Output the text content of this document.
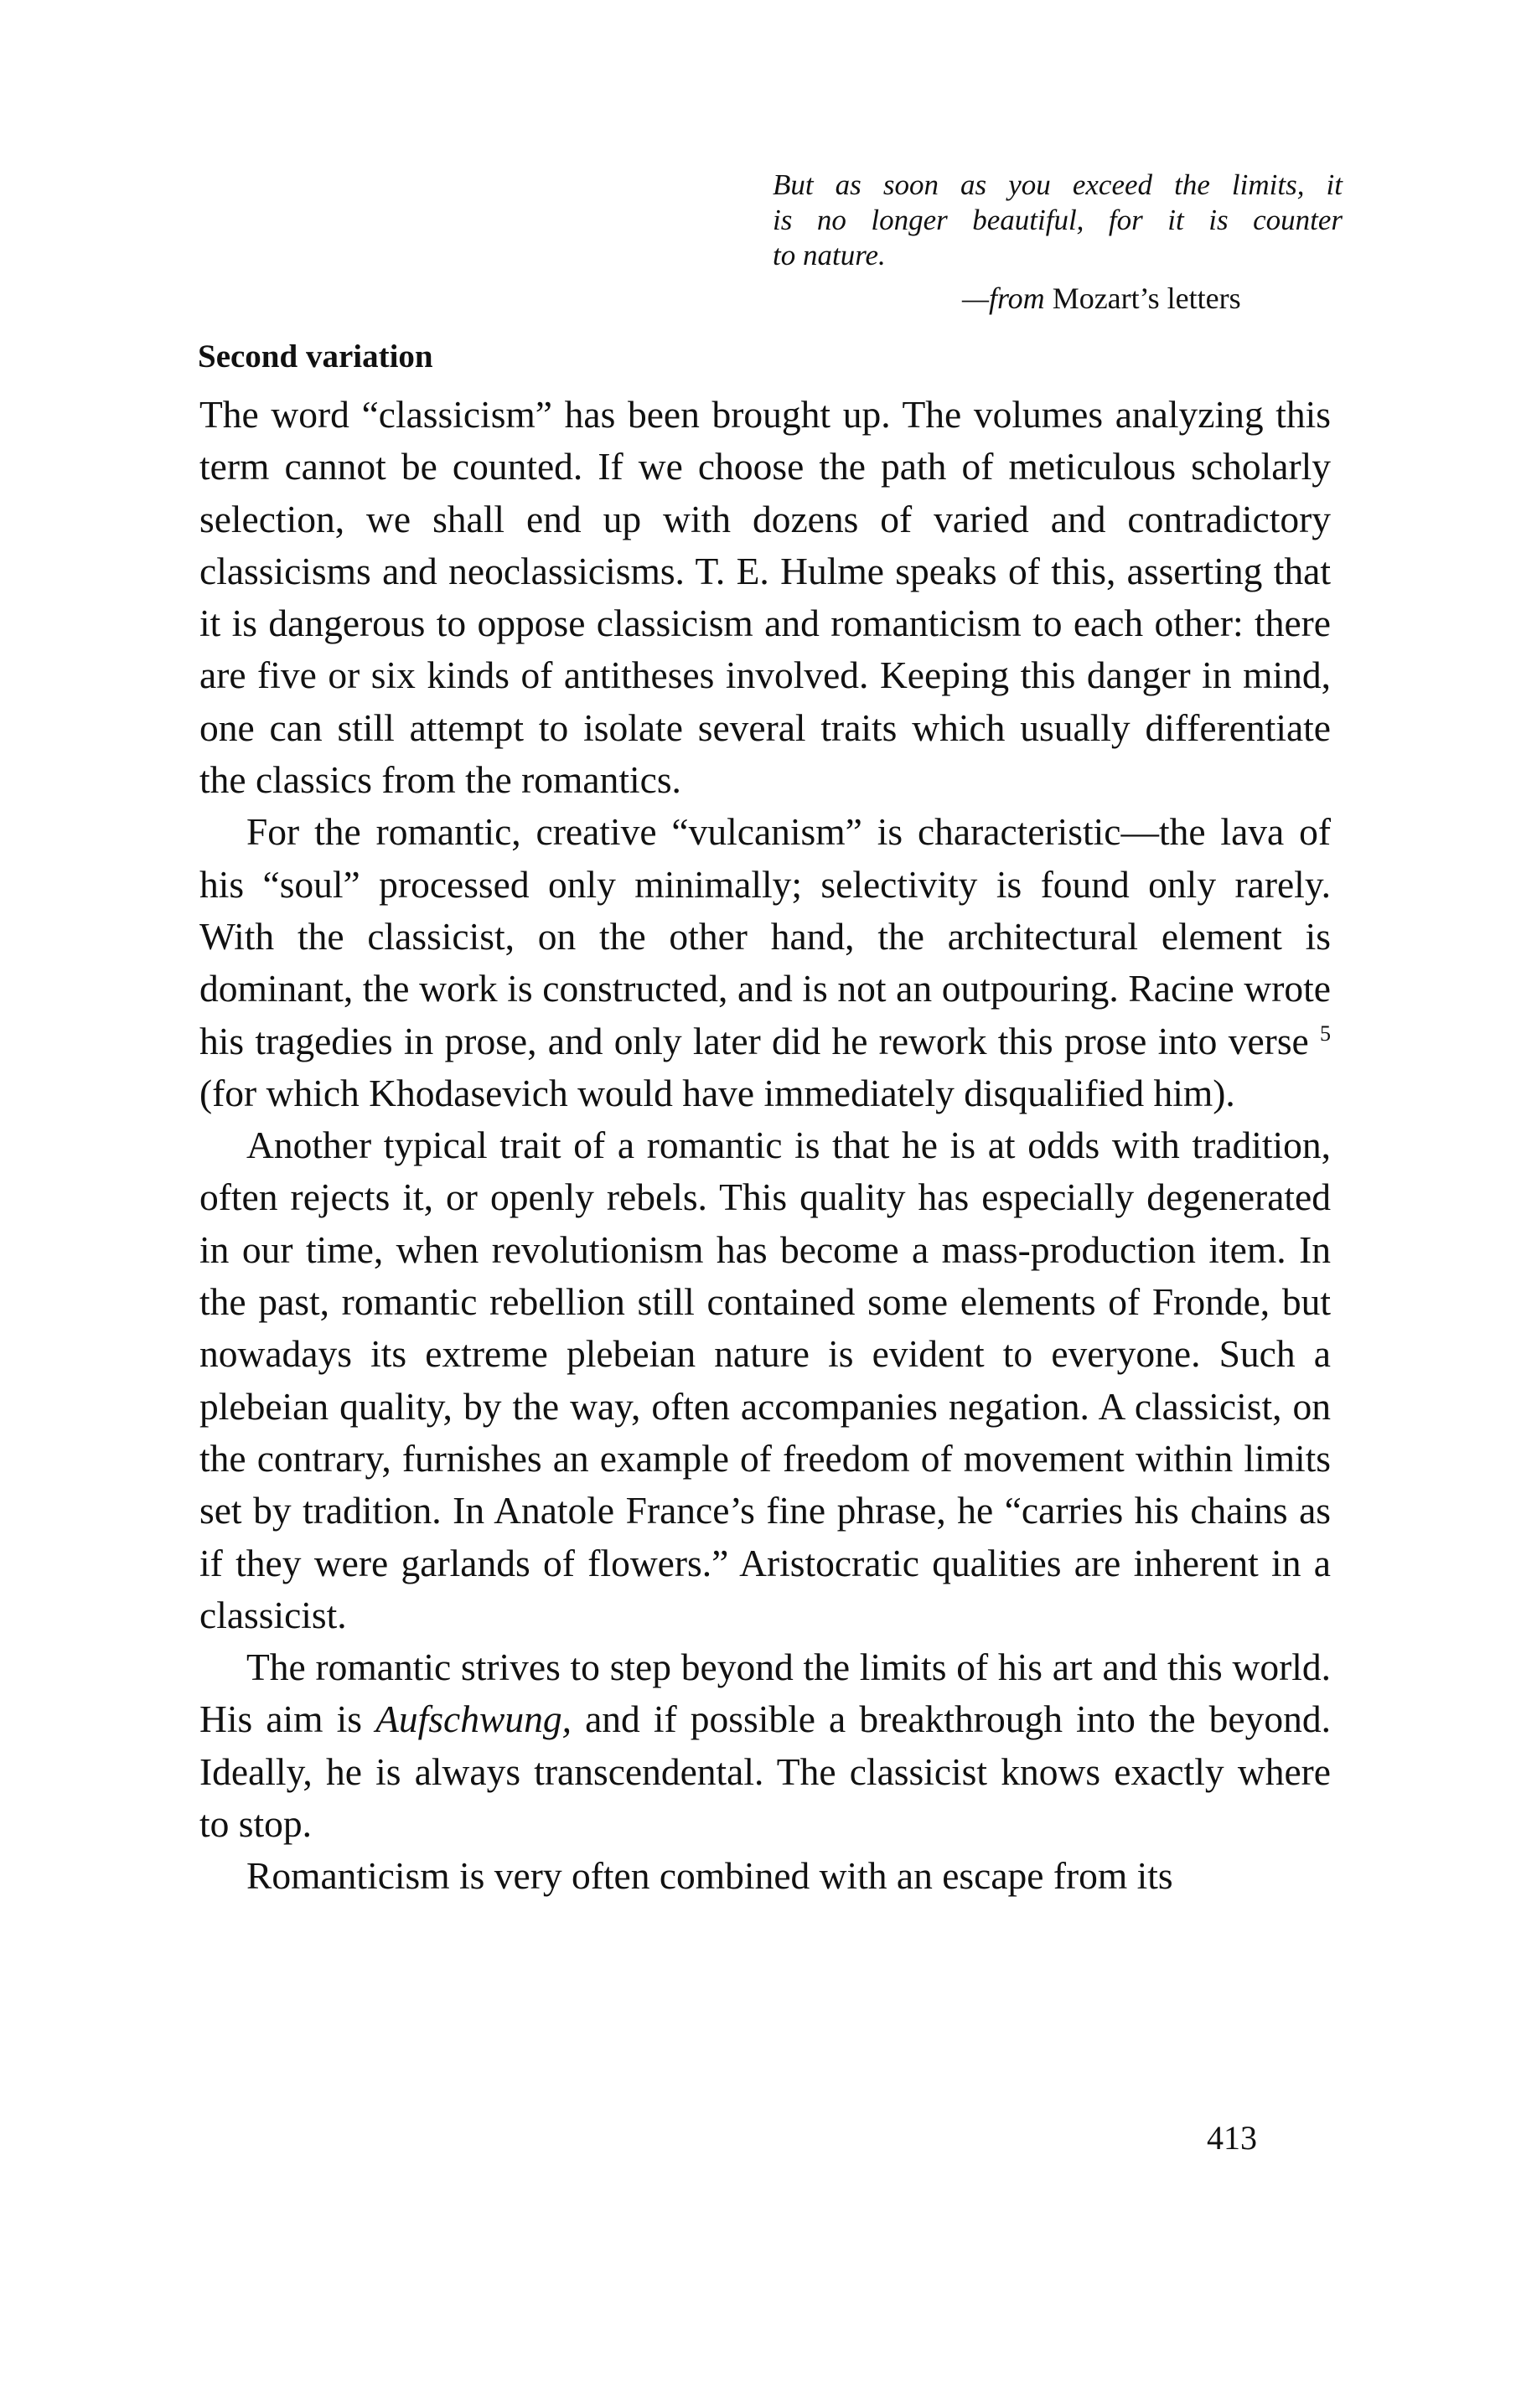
But as soon as you exceed the limits, it
is no longer beautiful, for it is counter
to nature.
—from Mozart’s letters
Second variation

The word “classicism” has been brought up. The volumes analyzing this term cannot be counted. If we choose the path of meticulous scholarly selection, we shall end up with dozens of varied and contradictory classicisms and neoclassicisms. T. E. Hulme speaks of this, asserting that it is dangerous to oppose classicism and romanticism to each other: there are five or six kinds of antitheses involved. Keeping this danger in mind, one can still attempt to isolate several traits which usually differentiate the classics from the romantics.

For the romantic, creative “vulcanism” is characteristic—the lava of his “soul” processed only minimally; selectivity is found only rarely. With the classicist, on the other hand, the architectural element is dominant, the work is constructed, and is not an outpouring. Racine wrote his tragedies in prose, and only later did he rework this prose into verse $^5$ (for which Khodasevich would have immediately disqualified him).

Another typical trait of a romantic is that he is at odds with tradition, often rejects it, or openly rebels. This quality has especially degenerated in our time, when revolutionism has become a mass-production item. In the past, romantic rebellion still contained some elements of Fronde, but nowadays its extreme plebeian nature is evident to everyone. Such a plebeian quality, by the way, often accompanies negation. A classicist, on the contrary, furnishes an example of freedom of movement within limits set by tradition. In Anatole France’s fine phrase, he “carries his chains as if they were garlands of flowers.” Aristocratic qualities are inherent in a classicist.

The romantic strives to step beyond the limits of his art and this world. His aim is Aufschwung, and if possible a breakthrough into the beyond. Ideally, he is always transcendental. The classicist knows exactly where to stop.

Romanticism is very often combined with an escape from its

413
